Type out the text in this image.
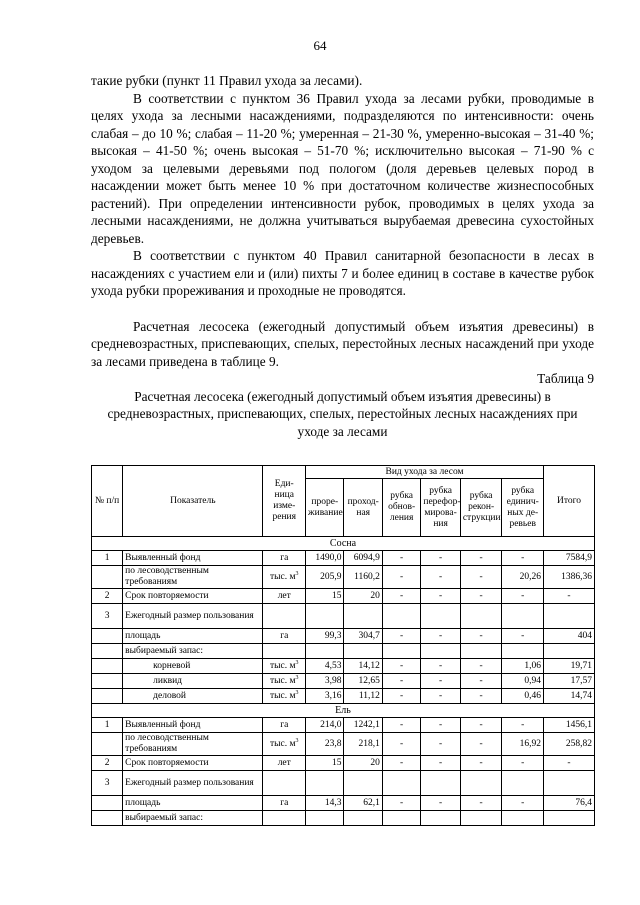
64

такие рубки (пункт 11 Правил ухода за лесами).

В соответствии с пунктом 36 Правил ухода за лесами рубки, проводимые в целях ухода за лесными насаждениями, подразделяются по интенсивности: очень слабая – до 10 %; слабая – 11-20 %; умеренная – 21-30 %, умеренно-высокая – 31-40 %; высокая – 41-50 %; очень высокая – 51-70 %; исключительно высокая – 71-90 % с уходом за целевыми деревьями под пологом (доля деревьев целевых пород в насаждении может быть менее 10 % при достаточном количестве жизнеспособных растений). При определении интенсивности рубок, проводимых в целях ухода за лесными насаждениями, не должна учитываться вырубаемая древесина сухостойных деревьев.

В соответствии с пунктом 40 Правил санитарной безопасности в лесах в насаждениях с участием ели и (или) пихты 7 и более единиц в составе в качестве рубок ухода рубки прореживания и проходные не проводятся.

Расчетная лесосека (ежегодный допустимый объем изъятия древесины) в средневозрастных, приспевающих, спелых, перестойных лесных насаждений при уходе за лесами приведена в таблице 9.

Таблица 9

Расчетная лесосека (ежегодный допустимый объем изъятия древесины) в средневозрастных, приспевающих, спелых, перестойных лесных насаждениях при уходе за лесами

№ п/п	Показатель	Еди-ница изме-рения	Вид ухода за лесом						Итого
			проре-живание	проход-ная	рубка обнов-ления	рубка перефор-мирова-ния	рубка рекон-струкции	рубка единич-ных де-ревьев	
Сосна									
1	Выявленный фонд	га	1490,0	6094,9	-	-	-	-	7584,9
	по лесоводственным требованиям	тыс. $м^3$	205,9	1160,2	-	-	-	20,26	1386,36
2	Срок повторяемости	лет	15	20	-	-	-	-	-
3	Ежегодный размер пользования								
	площадь	га	99,3	304,7	-	-	-	-	404
	выбираемый запас:								
	корневой	тыс. $м^3$	4,53	14,12	-	-	-	1,06	19,71
	ликвид	тыс. $м^3$	3,98	12,65	-	-	-	0,94	17,57
	деловой	тыс. $м^3$	3,16	11,12	-	-	-	0,46	14,74
Ель									
1	Выявленный фонд	га	214,0	1242,1	-	-	-	-	1456,1
	по лесоводственным требованиям	тыс. $м^3$	23,8	218,1	-	-	-	16,92	258,82
2	Срок повторяемости	лет	15	20	-	-	-	-	-
3	Ежегодный размер пользования								
	площадь	га	14,3	62,1	-	-	-	-	76,4
	выбираемый запас:								
